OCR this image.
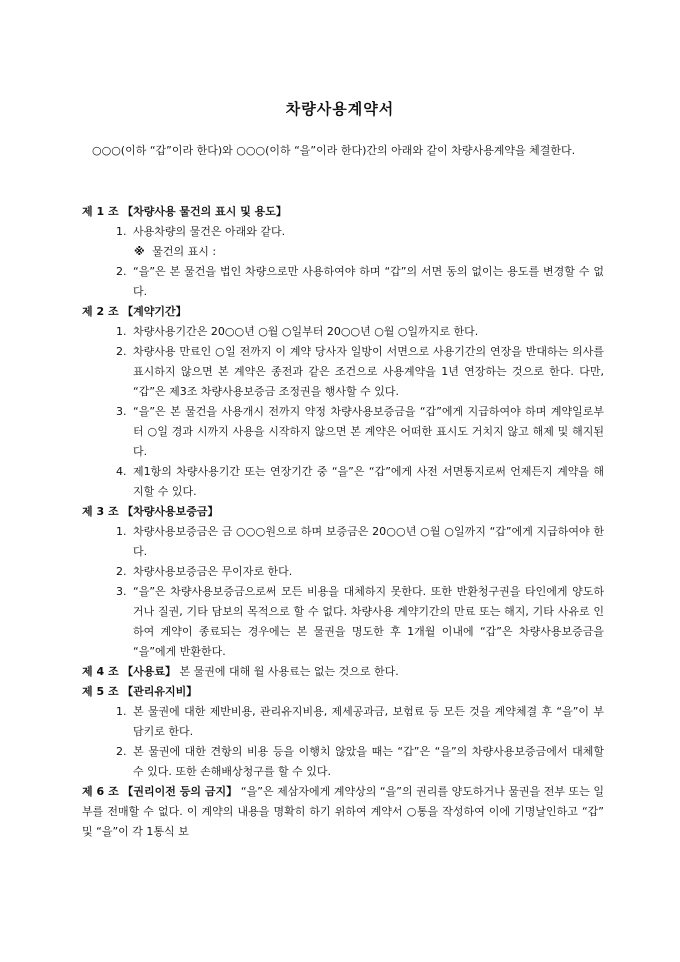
차량사용계약서
○○○(이하 “갑”이라 한다)와 ○○○(이하 “을”이라 한다)간의 아래와 같이 차량사용계약을 체결한다.
제 1 조 【차량사용 물건의 표시 및 용도】
1. 사용차량의 물건은 아래와 같다.
※ 물건의 표시 :
2. “을”은 본 물건을 법인 차량으로만 사용하여야 하며 “갑”의 서면 동의 없이는 용도를 변경할 수 없다.
제 2 조 【계약기간】
1. 차량사용기간은 20○○년 ○월 ○일부터 20○○년 ○월 ○일까지로 한다.
2. 차량사용 만료인 ○일 전까지 이 계약 당사자 일방이 서면으로 사용기간의 연장을 반대하는 의사를 표시하지 않으면 본 계약은 종전과 같은 조건으로 사용계약을 1년 연장하는 것으로 한다. 다만, “갑”은 제3조 차량사용보증금 조정권을 행사할 수 있다.
3. “을”은 본 물건을 사용개시 전까지 약정 차량사용보증금을 “갑”에게 지급하여야 하며 계약일로부터 ○일 경과 시까지 사용을 시작하지 않으면 본 계약은 어떠한 표시도 거치지 않고 해제 및 해지된다.
4. 제1항의 차량사용기간 또는 연장기간 중 “을”은 “갑”에게 사전 서면통지로써 언제든지 계약을 해지할 수 있다.
제 3 조 【차량사용보증금】
1. 차량사용보증금은 금 ○○○원으로 하며 보증금은 20○○년 ○월 ○일까지 “갑”에게 지급하여야 한다.
2. 차량사용보증금은 무이자로 한다.
3. “을”은 차량사용보증금으로써 모든 비용을 대체하지 못한다. 또한 반환청구권을 타인에게 양도하거나 질권, 기타 담보의 목적으로 할 수 없다. 차량사용 계약기간의 만료 또는 해지, 기타 사유로 인하여 계약이 종료되는 경우에는 본 물권을 명도한 후 1개월 이내에 “갑”은 차량사용보증금을 “을”에게 반환한다.
제 4 조 【사용료】 본 물권에 대해 월 사용료는 없는 것으로 한다.
제 5 조 【관리유지비】
1. 본 물권에 대한 제반비용, 관리유지비용, 제세공과금, 보험료 등 모든 것을 계약체결 후 “을”이 부담키로 한다.
2. 본 물권에 대한 견항의 비용 등을 이행치 않았을 때는 “갑”은 “을”의 차량사용보증금에서 대체할 수 있다. 또한 손해배상청구를 할 수 있다.
제 6 조 【권리이전 등의 금지】 “을”은 제삼자에게 계약상의 “을”의 권리를 양도하거나 물권을 전부 또는 일부를 전매할 수 없다. 이 계약의 내용을 명확히 하기 위하여 계약서 ○통을 작성하여 이에 기명날인하고 “갑” 및 “을”이 각 1통식 보
